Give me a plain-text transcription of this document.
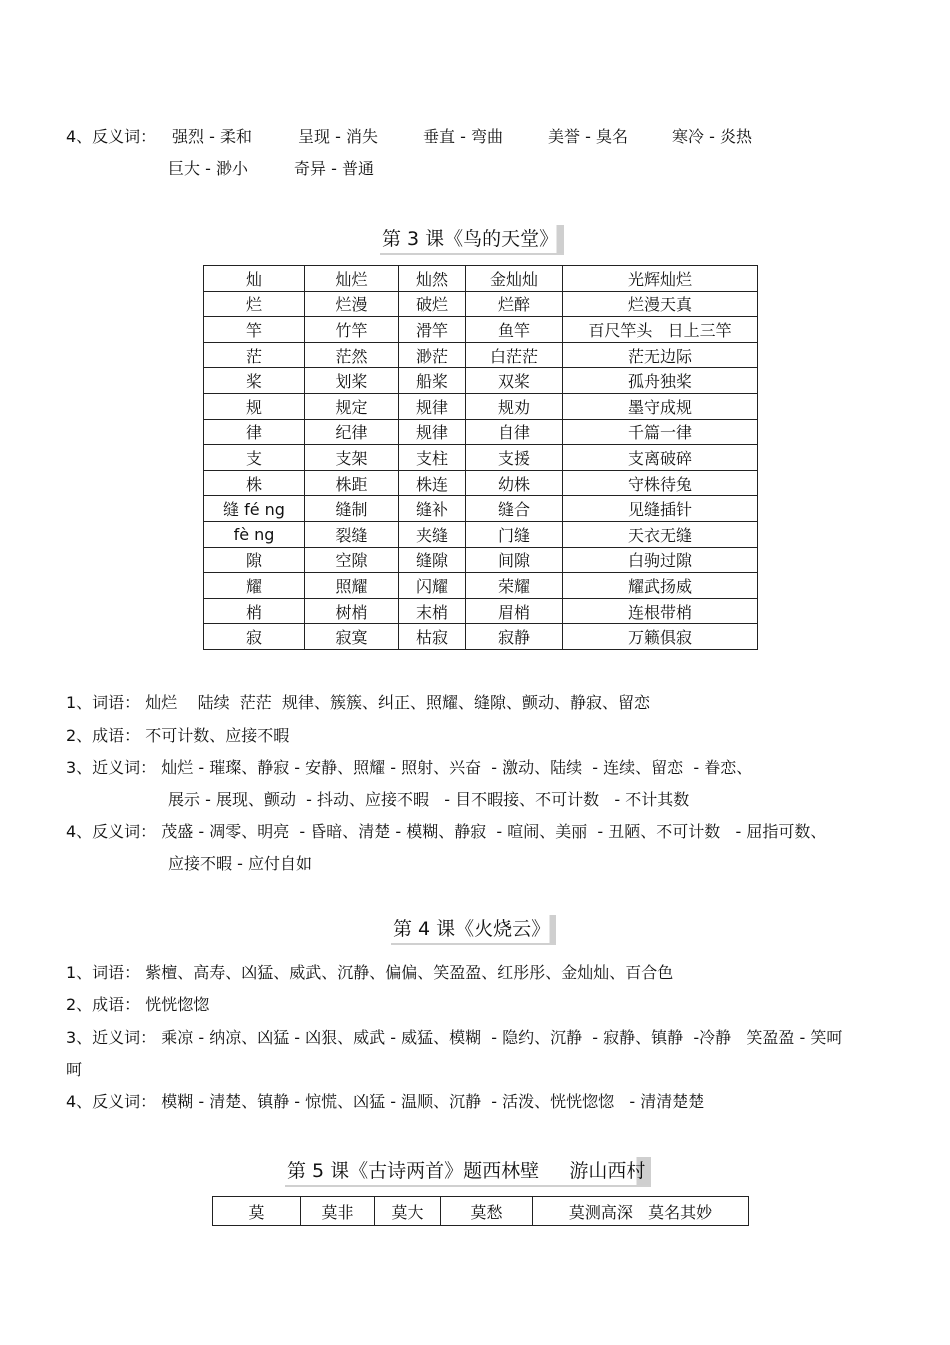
4、反义词： 强烈 - 柔和	呈现 - 消失	垂直 - 弯曲	美誉 - 臭名	寒冷 - 炎热
巨大 - 渺小	奇异 - 普通
第 3 课《鸟的天堂》
灿	灿烂	灿然	金灿灿	光辉灿烂
烂	烂漫	破烂	烂醉	烂漫天真
竿	竹竿	滑竿	鱼竿	百尺竿头   日上三竿
茫	茫然	渺茫	白茫茫	茫无边际
桨	划桨	船桨	双桨	孤舟独桨
规	规定	规律	规劝	墨守成规
律	纪律	规律	自律	千篇一律
支	支架	支柱	支援	支离破碎
株	株距	株连	幼株	守株待兔
缝 fé ng	缝制	缝补	缝合	见缝插针
fè ng	裂缝	夹缝	门缝	天衣无缝
隙	空隙	缝隙	间隙	白驹过隙
耀	照耀	闪耀	荣耀	耀武扬威
梢	树梢	末梢	眉梢	连根带梢
寂	寂寞	枯寂	寂静	万籁俱寂
1、词语： 灿烂    陆续  茫茫  规律、簇簇、纠正、照耀、缝隙、颤动、静寂、留恋
2、成语： 不可计数、应接不暇
3、近义词： 灿烂 - 璀璨、静寂 - 安静、照耀 - 照射、兴奋  - 激动、陆续  - 连续、留恋  - 眷恋、
展示 - 展现、颤动  - 抖动、应接不暇   - 目不暇接、不可计数   - 不计其数
4、反义词： 茂盛 - 凋零、明亮  - 昏暗、清楚 - 模糊、静寂  - 喧闹、美丽  - 丑陋、不可计数   - 屈指可数、
应接不暇 - 应付自如
第 4 课《火烧云》
1、词语： 紫檀、高寿、凶猛、威武、沉静、偏偏、笑盈盈、红彤彤、金灿灿、百合色
2、成语： 恍恍惚惚
3、近义词： 乘凉 - 纳凉、凶猛 - 凶狠、威武 - 威猛、模糊  - 隐约、沉静  - 寂静、镇静  -冷静   笑盈盈 - 笑呵
呵
4、反义词： 模糊 - 清楚、镇静 - 惊慌、凶猛 - 温顺、沉静  - 活泼、恍恍惚惚   - 清清楚楚
第 5 课《古诗两首》题西林壁     游山西村
莫	莫非	莫大	莫愁	莫测高深   莫名其妙
